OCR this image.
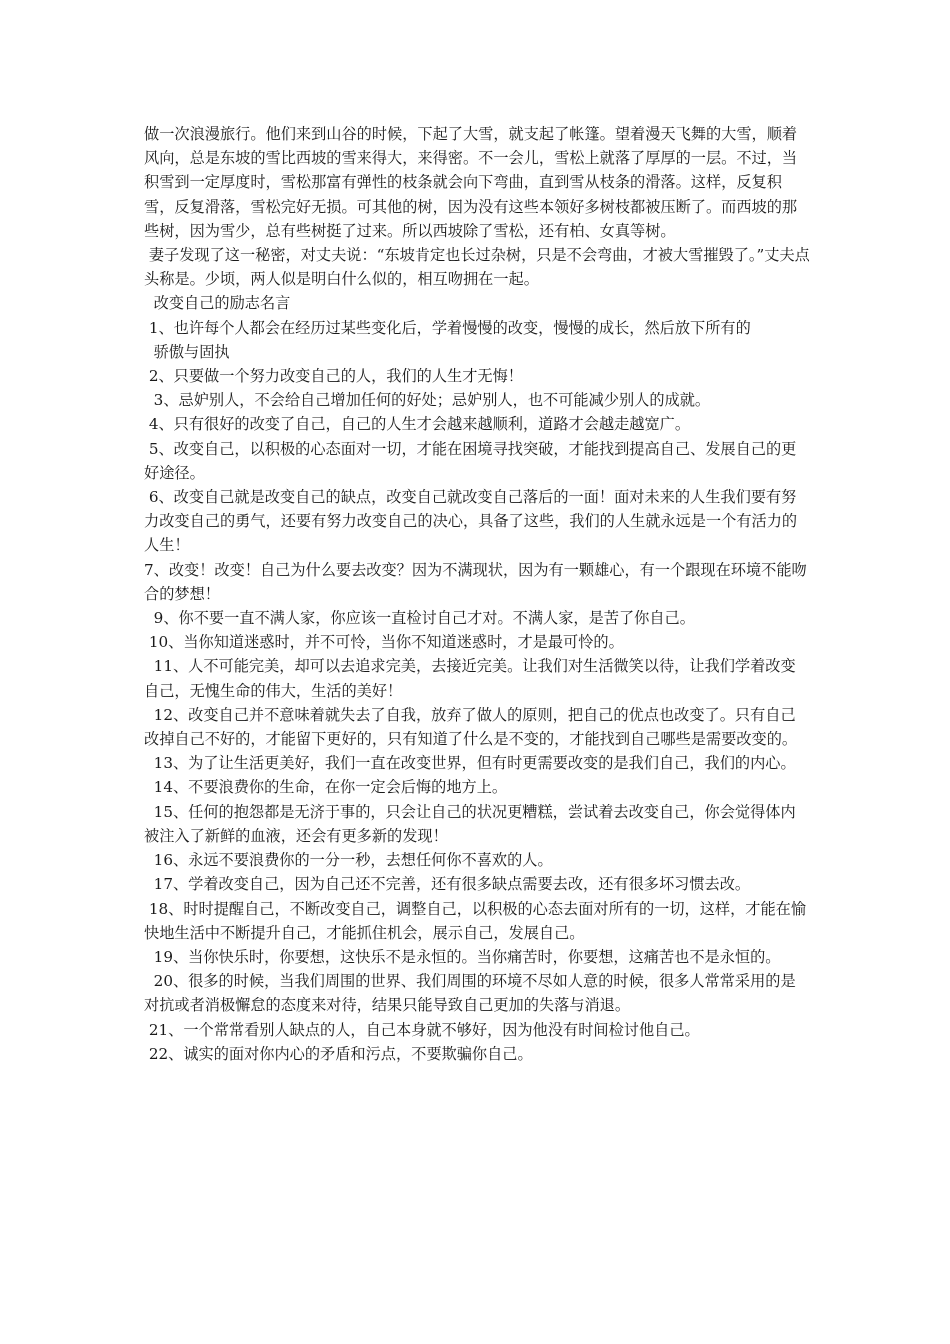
做一次浪漫旅行。他们来到山谷的时候，下起了大雪，就支起了帐篷。望着漫天飞舞的大雪，顺着风向，总是东坡的雪比西坡的雪来得大，来得密。不一会儿，雪松上就落了厚厚的一层。不过，当积雪到一定厚度时，雪松那富有弹性的枝条就会向下弯曲，直到雪从枝条的滑落。这样，反复积雪，反复滑落，雪松完好无损。可其他的树，因为没有这些本领好多树枝都被压断了。而西坡的那些树，因为雪少，总有些树挺了过来。所以西坡除了雪松，还有柏、女真等树。

妻子发现了这一秘密，对丈夫说：“东坡肯定也长过杂树，只是不会弯曲，才被大雪摧毁了。”丈夫点头称是。少顷，两人似是明白什么似的，相互吻拥在一起。

改变自己的励志名言

1、也许每个人都会在经历过某些变化后，学着慢慢的改变，慢慢的成长，然后放下所有的

骄傲与固执

2、只要做一个努力改变自己的人，我们的人生才无悔！

3、忌妒别人，不会给自己增加任何的好处；忌妒别人，也不可能减少别人的成就。

4、只有很好的改变了自己，自己的人生才会越来越顺利，道路才会越走越宽广。

5、改变自己，以积极的心态面对一切，才能在困境寻找突破，才能找到提高自己、发展自己的更好途径。

6、改变自己就是改变自己的缺点，改变自己就改变自己落后的一面！面对未来的人生我们要有努力改变自己的勇气，还要有努力改变自己的决心，具备了这些，我们的人生就永远是一个有活力的人生！

7、改变！改变！自己为什么要去改变？因为不满现状，因为有一颗雄心，有一个跟现在环境不能吻合的梦想！

9、你不要一直不满人家，你应该一直检讨自己才对。不满人家，是苦了你自己。

10、当你知道迷惑时，并不可怜，当你不知道迷惑时，才是最可怜的。

11、人不可能完美，却可以去追求完美，去接近完美。让我们对生活微笑以待，让我们学着改变自己，无愧生命的伟大，生活的美好！

12、改变自己并不意味着就失去了自我，放弃了做人的原则，把自己的优点也改变了。只有自己改掉自己不好的，才能留下更好的，只有知道了什么是不变的，才能找到自己哪些是需要改变的。

13、为了让生活更美好，我们一直在改变世界，但有时更需要改变的是我们自己，我们的内心。

14、不要浪费你的生命，在你一定会后悔的地方上。

15、任何的抱怨都是无济于事的，只会让自己的状况更糟糕，尝试着去改变自己，你会觉得体内被注入了新鲜的血液，还会有更多新的发现！

16、永远不要浪费你的一分一秒，去想任何你不喜欢的人。

17、学着改变自己，因为自己还不完善，还有很多缺点需要去改，还有很多坏习惯去改。

18、时时提醒自己，不断改变自己，调整自己，以积极的心态去面对所有的一切，这样，才能在愉快地生活中不断提升自己，才能抓住机会，展示自己，发展自己。

19、当你快乐时，你要想，这快乐不是永恒的。当你痛苦时，你要想，这痛苦也不是永恒的。

20、很多的时候，当我们周围的世界、我们周围的环境不尽如人意的时候，很多人常常采用的是对抗或者消极懈怠的态度来对待，结果只能导致自己更加的失落与消退。

21、一个常常看别人缺点的人，自己本身就不够好，因为他没有时间检讨他自己。

22、诚实的面对你内心的矛盾和污点，不要欺骗你自己。
